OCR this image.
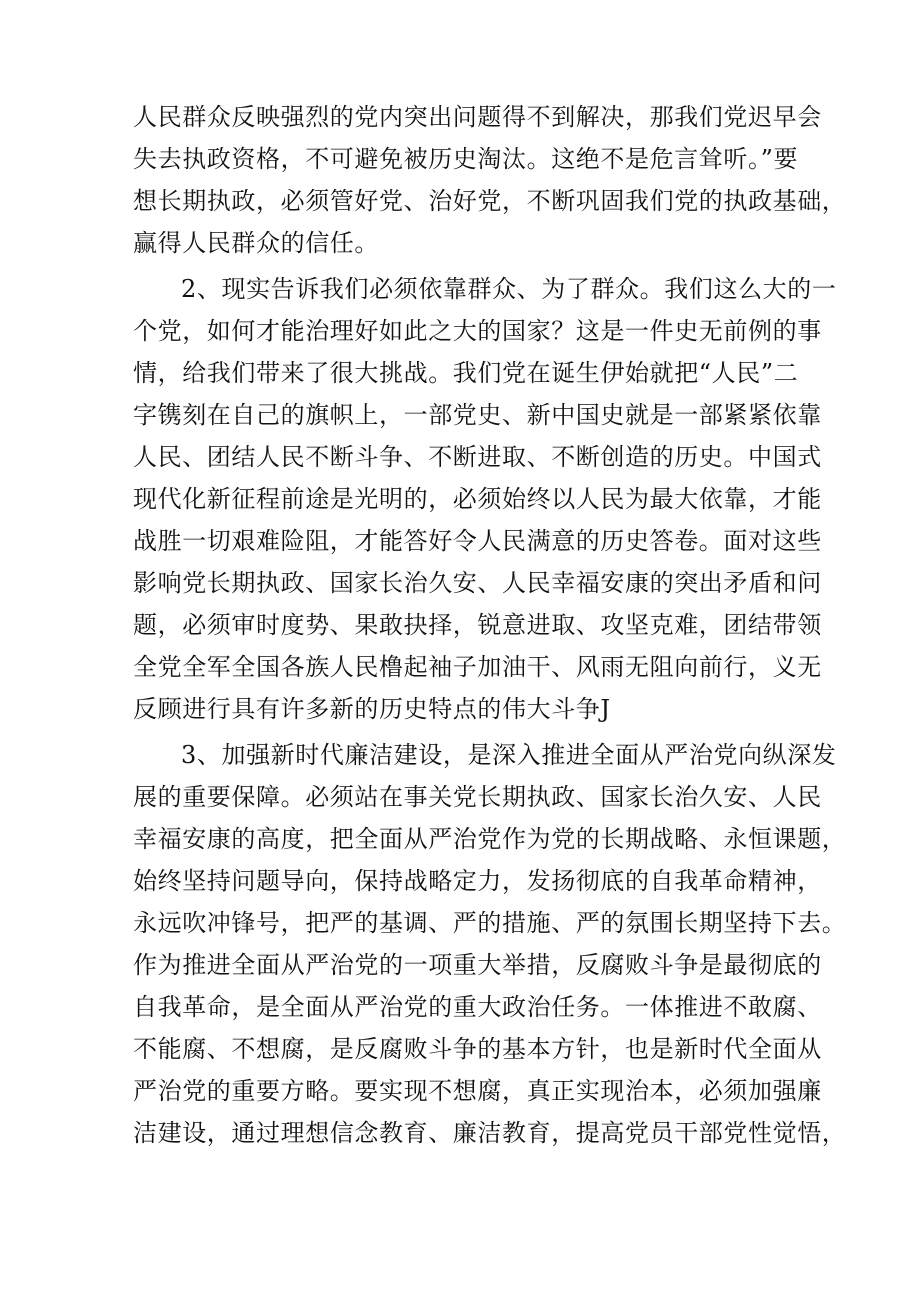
人民群众反映强烈的党内突出问题得不到解决，那我们党迟早会
失去执政资格，不可避免被历史淘汰。这绝不是危言耸听。”要
想长期执政，必须管好党、治好党，不断巩固我们党的执政基础，
赢得人民群众的信任。
2、现实告诉我们必须依靠群众、为了群众。我们这么大的一
个党，如何才能治理好如此之大的国家？这是一件史无前例的事
情，给我们带来了很大挑战。我们党在诞生伊始就把“人民”二
字镌刻在自己的旗帜上，一部党史、新中国史就是一部紧紧依靠
人民、团结人民不断斗争、不断进取、不断创造的历史。中国式
现代化新征程前途是光明的，必须始终以人民为最大依靠，才能
战胜一切艰难险阻，才能答好令人民满意的历史答卷。面对这些
影响党长期执政、国家长治久安、人民幸福安康的突出矛盾和问
题，必须审时度势、果敢抉择，锐意进取、攻坚克难，团结带领
全党全军全国各族人民橹起袖子加油干、风雨无阻向前行，义无
反顾进行具有许多新的历史特点的伟大斗争J
3、加强新时代廉洁建设，是深入推进全面从严治党向纵深发
展的重要保障。必须站在事关党长期执政、国家长治久安、人民
幸福安康的高度，把全面从严治党作为党的长期战略、永恒课题，
始终坚持问题导向，保持战略定力，发扬彻底的自我革命精神，
永远吹冲锋号，把严的基调、严的措施、严的氛围长期坚持下去。
作为推进全面从严治党的一项重大举措，反腐败斗争是最彻底的
自我革命，是全面从严治党的重大政治任务。一体推进不敢腐、
不能腐、不想腐，是反腐败斗争的基本方针，也是新时代全面从
严治党的重要方略。要实现不想腐，真正实现治本，必须加强廉
洁建设，通过理想信念教育、廉洁教育，提高党员干部党性觉悟，
